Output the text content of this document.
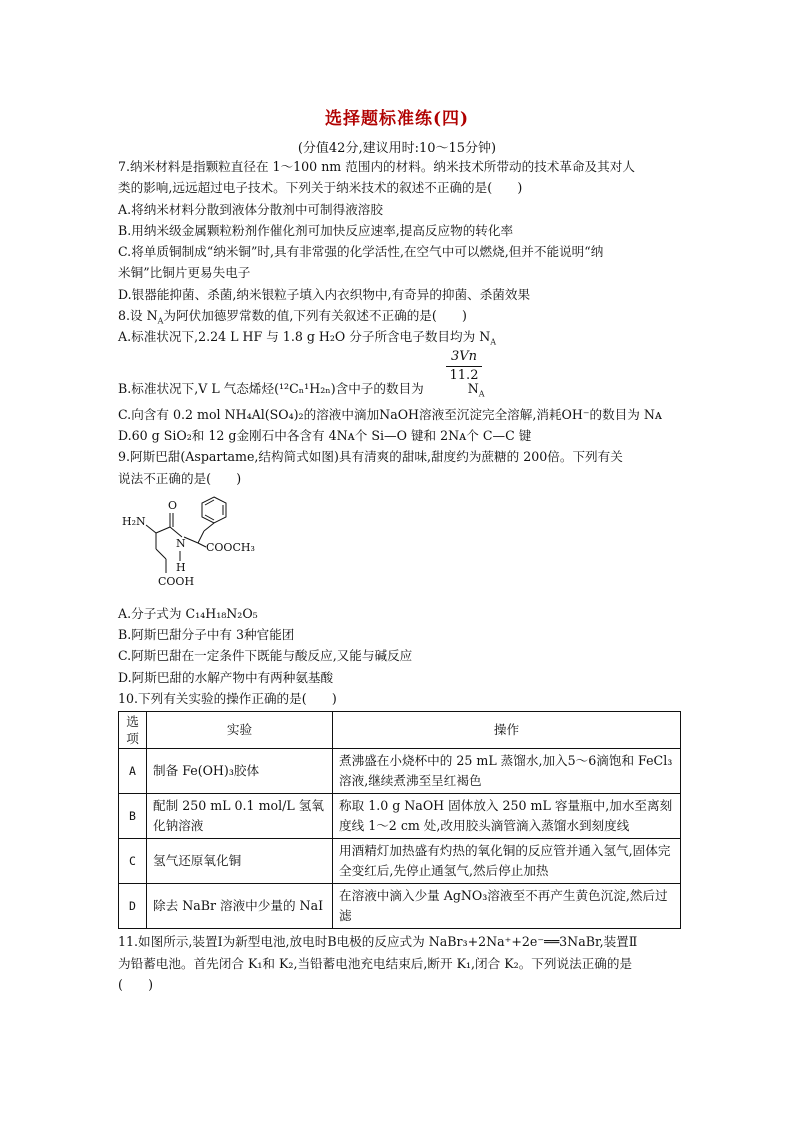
选择题标准练(四)
(分值42分,建议用时:10～15分钟)
7.纳米材料是指颗粒直径在 1～100 nm 范围内的材料。纳米技术所带动的技术革命及其对人
类的影响,远远超过电子技术。下列关于纳米技术的叙述不正确的是(　　)
A.将纳米材料分散到液体分散剂中可制得液溶胶
B.用纳米级金属颗粒粉剂作催化剂可加快反应速率,提高反应物的转化率
C.将单质铜制成“纳米铜”时,具有非常强的化学活性,在空气中可以燃烧,但并不能说明“纳
米铜”比铜片更易失电子
D.银器能抑菌、杀菌,纳米银粒子填入内衣织物中,有奇异的抑菌、杀菌效果
8.设 $N_A$为阿伏加德罗常数的值,下列有关叙述不正确的是(　　)
A.标准状况下,2.24 L HF 与 1.8 g H₂O 分子所含电子数目均为 $N_A$
$\frac{3Vn}{11.2}$
B.标准状况下,V L 气态烯烃(¹²Cₙ¹H₂ₙ)含中子的数目为	$N_A$
C.向含有 0.2 mol NH₄Al(SO₄)₂的溶液中滴加NaOH溶液至沉淀完全溶解,消耗OH⁻的数目为 Nᴀ
D.60 g SiO₂和 12 g金刚石中各含有 4Nᴀ个 Si—O 键和 2Nᴀ个 C—C 键
9.阿斯巴甜(Aspartame,结构简式如图)具有清爽的甜味,甜度约为蔗糖的 200倍。下列有关
说法不正确的是(　　)
H₂N
O
N
H
COOCH₃
COOH
A.分子式为 C₁₄H₁₈N₂O₅
B.阿斯巴甜分子中有 3种官能团
C.阿斯巴甜在一定条件下既能与酸反应,又能与碱反应
D.阿斯巴甜的水解产物中有两种氨基酸
10.下列有关实验的操作正确的是(　　)
选项	实验	操作
A	制备 Fe(OH)₃胶体	煮沸盛在小烧杯中的 25 mL 蒸馏水,加入5～6滴饱和 FeCl₃溶液,继续煮沸至呈红褐色
B	配制 250 mL 0.1 mol/L 氢氧化钠溶液	称取 1.0 g NaOH 固体放入 250 mL 容量瓶中,加水至离刻度线 1～2 cm 处,改用胶头滴管滴入蒸馏水到刻度线
C	氢气还原氧化铜	用酒精灯加热盛有灼热的氧化铜的反应管并通入氢气,固体完全变红后,先停止通氢气,然后停止加热
D	除去 NaBr 溶液中少量的 NaI	在溶液中滴入少量 AgNO₃溶液至不再产生黄色沉淀,然后过滤
11.如图所示,装置Ⅰ为新型电池,放电时B电极的反应式为 NaBr₃+2Na⁺+2e⁻══3NaBr,装置Ⅱ
为铅蓄电池。首先闭合 K₁和 K₂,当铅蓄电池充电结束后,断开 K₁,闭合 K₂。下列说法正确的是
(　　)
